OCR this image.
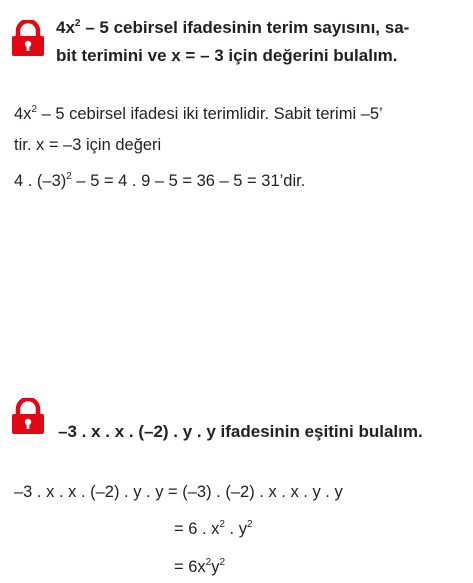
$4x^2 - 5$ cebirsel ifadesinin terim sayısını, sa-
bit terimini ve x = – 3 için değerini bulalım.
$4x^2 - 5$ cebirsel ifadesi iki terimlidir. Sabit terimi –5’
tir. x = –3 için değeri
4 . $(-3)^2 - 5 = 4$ . 9 – 5 = 36 – 5 = 31’dir.
–3 . x . x . (–2) . y . y ifadesinin eşitini bulalım.
–3 . x . x . (–2) . y . y = (–3) . (–2) . x . x . y . y
= 6 . $x^2$ . $y^2$
= $6x^2y^2$
